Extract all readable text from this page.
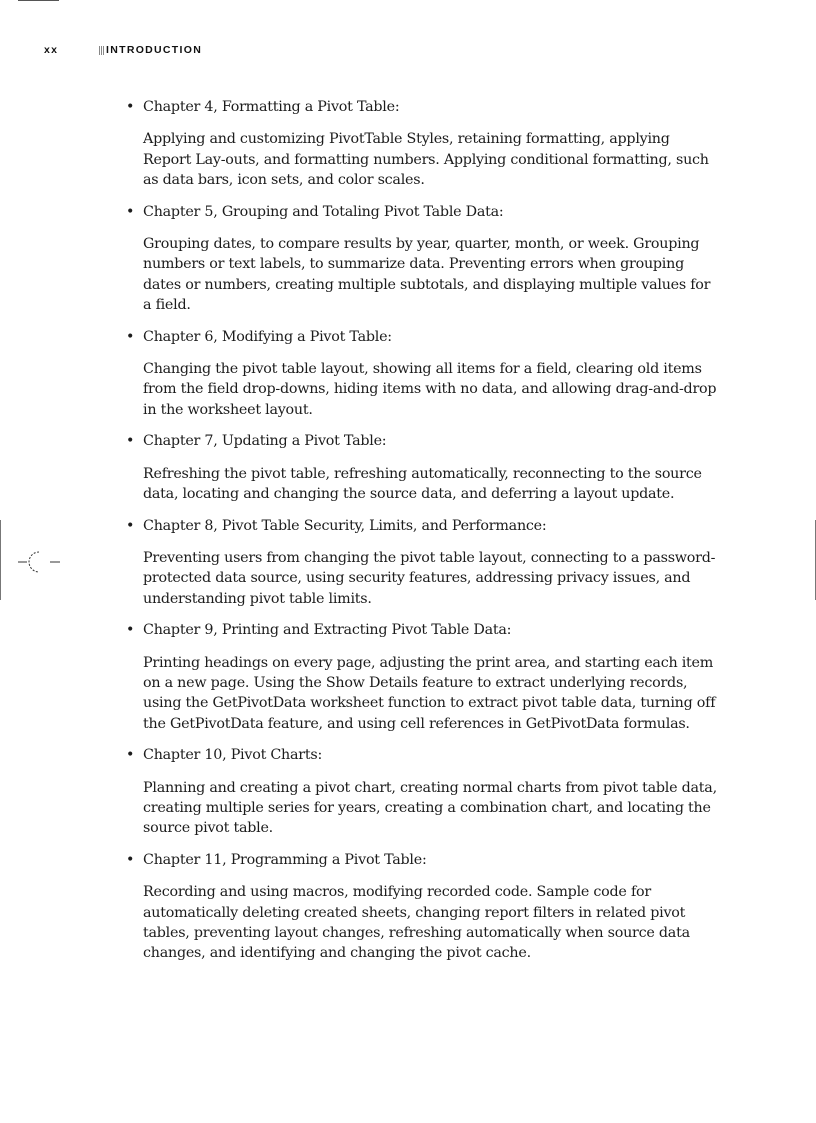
xx	INTRODUCTION

• Chapter 4, Formatting a Pivot Table:

Applying and customizing PivotTable Styles, retaining formatting, applying Report Lay-outs, and formatting numbers. Applying conditional formatting, such as data bars, icon sets, and color scales.

• Chapter 5, Grouping and Totaling Pivot Table Data:

Grouping dates, to compare results by year, quarter, month, or week. Grouping numbers or text labels, to summarize data. Preventing errors when grouping dates or numbers, creating multiple subtotals, and displaying multiple values for a field.

• Chapter 6, Modifying a Pivot Table:

Changing the pivot table layout, showing all items for a field, clearing old items from the field drop-downs, hiding items with no data, and allowing drag-and-drop in the worksheet layout.

• Chapter 7, Updating a Pivot Table:

Refreshing the pivot table, refreshing automatically, reconnecting to the source data, locating and changing the source data, and deferring a layout update.

• Chapter 8, Pivot Table Security, Limits, and Performance:

Preventing users from changing the pivot table layout, connecting to a password-protected data source, using security features, addressing privacy issues, and understanding pivot table limits.

• Chapter 9, Printing and Extracting Pivot Table Data:

Printing headings on every page, adjusting the print area, and starting each item on a new page. Using the Show Details feature to extract underlying records, using the GetPivotData worksheet function to extract pivot table data, turning off the GetPivotData feature, and using cell references in GetPivotData formulas.

• Chapter 10, Pivot Charts:

Planning and creating a pivot chart, creating normal charts from pivot table data, creating multiple series for years, creating a combination chart, and locating the source pivot table.

• Chapter 11, Programming a Pivot Table:

Recording and using macros, modifying recorded code. Sample code for automatically deleting created sheets, changing report filters in related pivot tables, preventing layout changes, refreshing automatically when source data changes, and identifying and changing the pivot cache.
